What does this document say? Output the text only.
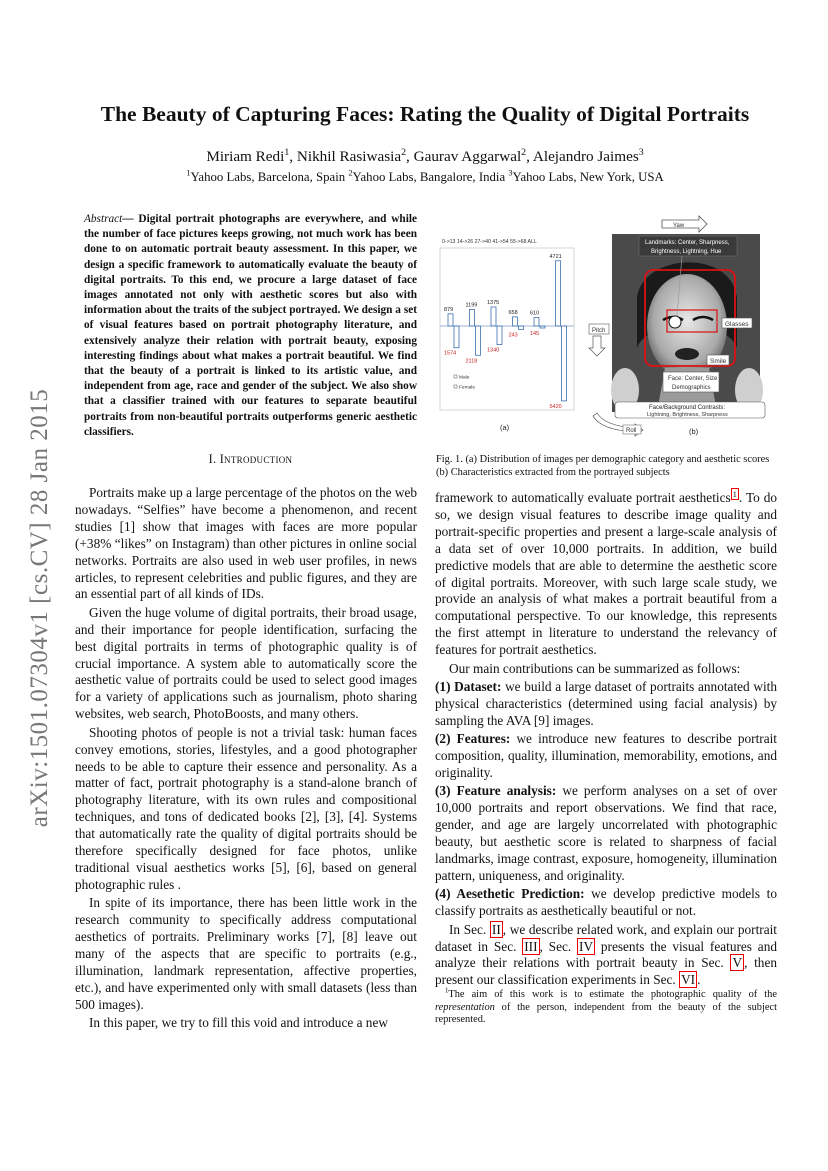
arXiv:1501.07304v1 [cs.CV] 28 Jan 2015
The Beauty of Capturing Faces: Rating the Quality of Digital Portraits
Miriam Redi$^1$, Nikhil Rasiwasia$^2$, Gaurav Aggarwal$^2$, Alejandro Jaimes$^3$
$^1$Yahoo Labs, Barcelona, Spain $^2$Yahoo Labs, Bangalore, India $^3$Yahoo Labs, New York, USA
Abstract— Digital portrait photographs are everywhere, and while the number of face pictures keeps growing, not much work has been done to on automatic portrait beauty assessment. In this paper, we design a specific framework to automatically evaluate the beauty of digital portraits. To this end, we procure a large dataset of face images annotated not only with aesthetic scores but also with information about the traits of the subject portrayed. We design a set of visual features based on portrait photography literature, and extensively analyze their relation with portrait beauty, exposing interesting findings about what makes a portrait beautiful. We find that the beauty of a portrait is linked to its artistic value, and independent from age, race and gender of the subject. We also show that a classifier trained with our features to separate beautiful portraits from non-beautiful portraits outperforms generic aesthetic classifiers.
I. Introduction

Portraits make up a large percentage of the photos on the web nowadays. “Selfies” have become a phenomenon, and recent studies [1] show that images with faces are more popular (+38% “likes” on Instagram) than other pictures in online social networks. Portraits are also used in web user profiles, in news articles, to represent celebrities and public figures, and they are an essential part of all kinds of IDs.

Given the huge volume of digital portraits, their broad usage, and their importance for people identification, surfacing the best digital portraits in terms of photographic quality is of crucial importance. A system able to automatically score the aesthetic value of portraits could be used to select good images for a variety of applications such as journalism, photo sharing websites, web search, PhotoBoosts, and many others.

Shooting photos of people is not a trivial task: human faces convey emotions, stories, lifestyles, and a good photographer needs to be able to capture their essence and personality. As a matter of fact, portrait photography is a stand-alone branch of photography literature, with its own rules and compositional techniques, and tons of dedicated books [2], [3], [4]. Systems that automatically rate the quality of digital portraits should be therefore specifically designed for face photos, unlike traditional visual aesthetics works [5], [6], based on general photographic rules .

In spite of its importance, there has been little work in the research community to specifically address computational aesthetics of portraits. Preliminary works [7], [8] leave out many of the aspects that are specific to portraits (e.g., illumination, landmark representation, affective properties, etc.), and have experimented only with small datasets (less than 500 images).

In this paper, we try to fill this void and introduce a new

0->13 14->26 27->40 41->54 55->68 ALL
879
1574
1199
2118
1375
1340
658
243
610
145
4721
5420
Male
Female
(a)
Yaw
Landmarks: Center, Sharpness,
Brightness, Lightning, Hue
Glasses
Smile
Face: Center, Size
Demographics
Pitch
Face/Background Contrasts:
Lightning, Brightness, Sharpness
Roll	(b)
Fig. 1. (a) Distribution of images per demographic category and aesthetic scores (b) Characteristics extracted from the portrayed subjects

framework to automatically evaluate portrait aesthetics $^1$ . To do so, we design visual features to describe image quality and portrait-specific properties and present a large-scale analysis of a data set of over 10,000 portraits. In addition, we build predictive models that are able to determine the aesthetic score of digital portraits. Moreover, with such large scale study, we provide an analysis of what makes a portrait beautiful from a computational perspective. To our knowledge, this represents the first attempt in literature to understand the relevancy of features for portrait aesthetics.

Our main contributions can be summarized as follows:

(1) Dataset: we build a large dataset of portraits annotated with physical characteristics (determined using facial analysis) by sampling the AVA [9] images.

(2) Features: we introduce new features to describe portrait composition, quality, illumination, memorability, emotions, and originality.

(3) Feature analysis: we perform analyses on a set of over 10,000 portraits and report observations. We find that race, gender, and age are largely uncorrelated with photographic beauty, but aesthetic score is related to sharpness of facial landmarks, image contrast, exposure, homogeneity, illumination pattern, uniqueness, and originality.

(4) Aesethetic Prediction: we develop predictive models to classify portraits as aesthetically beautiful or not.

In Sec. II , we describe related work, and explain our portrait dataset in Sec. III , Sec. IV presents the visual features and analyze their relations with portrait beauty in Sec. V , then present our classification experiments in Sec. VI .

$^1$The aim of this work is to estimate the photographic quality of the representation of the person, independent from the beauty of the subject represented.
